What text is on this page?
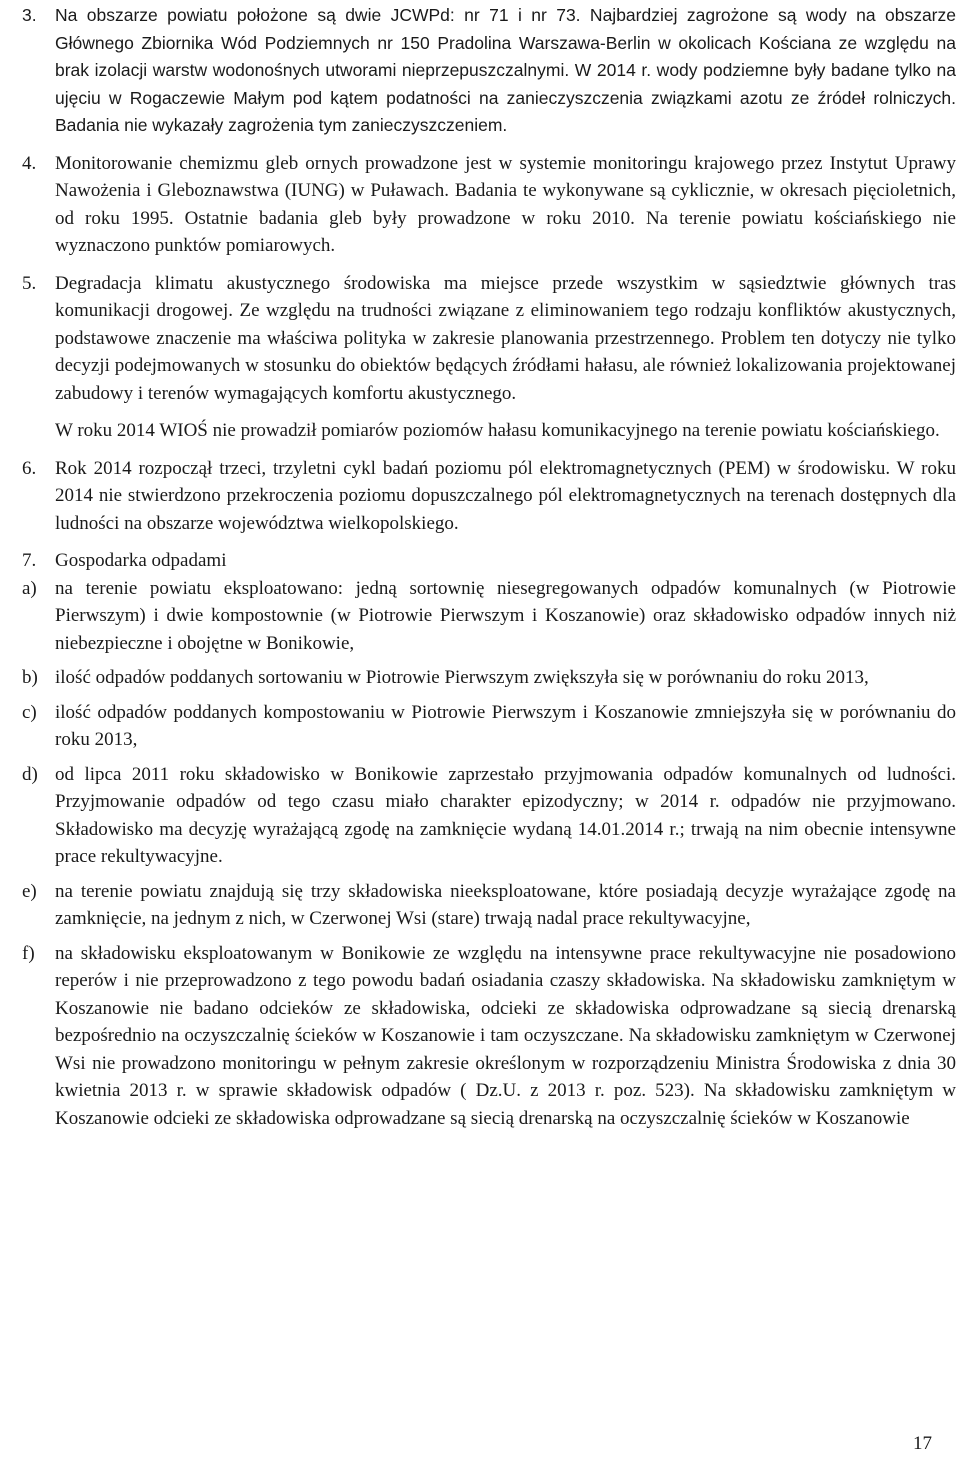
3.	Na obszarze powiatu położone są dwie JCWPd: nr 71 i nr 73. Najbardziej zagrożone są wody na obszarze Głównego Zbiornika Wód Podziemnych nr 150 Pradolina Warszawa-Berlin w okolicach Kościana ze względu na brak izolacji warstw wodonośnych utworami nieprzepuszczalnymi. W 2014 r. wody podziemne były badane tylko na ujęciu w Rogaczewie Małym pod kątem podatności na zanieczyszczenia związkami azotu ze źródeł rolniczych. Badania nie wykazały zagrożenia tym zanieczyszczeniem.
4. Monitorowanie chemizmu gleb ornych prowadzone jest w systemie monitoringu krajowego przez Instytut Uprawy Nawożenia i Gleboznawstwa (IUNG) w Puławach. Badania te wykonywane są cyklicznie, w okresach pięcioletnich, od roku 1995. Ostatnie badania gleb były prowadzone w roku 2010. Na terenie powiatu kościańskiego nie wyznaczono punktów pomiarowych.
5. Degradacja klimatu akustycznego środowiska ma miejsce przede wszystkim w sąsiedztwie głównych tras komunikacji drogowej. Ze względu na trudności związane z eliminowaniem tego rodzaju konfliktów akustycznych, podstawowe znaczenie ma właściwa polityka w zakresie planowania przestrzennego. Problem ten dotyczy nie tylko decyzji podejmowanych w stosunku do obiektów będących źródłami hałasu, ale również lokalizowania projektowanej zabudowy i terenów wymagających komfortu akustycznego.

W roku 2014 WIOŚ nie prowadził pomiarów poziomów hałasu komunikacyjnego na terenie powiatu kościańskiego.

6. Rok 2014 rozpoczął trzeci, trzyletni cykl badań poziomu pól elektromagnetycznych (PEM) w środowisku. W roku 2014 nie stwierdzono przekroczenia poziomu dopuszczalnego pól elektromagnetycznych na terenach dostępnych dla ludności na obszarze województwa wielkopolskiego.
7. Gospodarka odpadami
a) na terenie powiatu eksploatowano: jedną sortownię niesegregowanych odpadów komunalnych (w Piotrowie Pierwszym) i dwie kompostownie (w Piotrowie Pierwszym i Koszanowie) oraz składowisko odpadów innych niż niebezpieczne i obojętne w Bonikowie,
b) ilość odpadów poddanych sortowaniu w Piotrowie Pierwszym zwiększyła się w porównaniu do roku 2013,
c) ilość odpadów poddanych kompostowaniu w Piotrowie Pierwszym i Koszanowie zmniejszyła się w porównaniu do roku 2013,
d) od lipca 2011 roku składowisko w Bonikowie zaprzestało przyjmowania odpadów komunalnych od ludności. Przyjmowanie odpadów od tego czasu miało charakter epizodyczny; w 2014 r. odpadów nie przyjmowano. Składowisko ma decyzję wyrażającą zgodę na zamknięcie wydaną 14.01.2014 r.; trwają na nim obecnie intensywne prace rekultywacyjne.
e) na terenie powiatu znajdują się trzy składowiska nieeksploatowane, które posiadają decyzje wyrażające zgodę na zamknięcie, na jednym z nich, w Czerwonej Wsi (stare) trwają nadal prace rekultywacyjne,
f)	na składowisku eksploatowanym w Bonikowie ze względu na intensywne prace rekultywacyjne nie posadowiono reperów i nie przeprowadzono z tego powodu badań osiadania czaszy składowiska. Na składowisku zamkniętym w Koszanowie nie badano odcieków ze składowiska, odcieki ze składowiska odprowadzane są siecią drenarską bezpośrednio na oczyszczalnię ścieków w Koszanowie i tam oczyszczane. Na składowisku zamkniętym w Czerwonej Wsi nie prowadzono monitoringu w pełnym zakresie określonym w rozporządzeniu Ministra Środowiska z dnia 30 kwietnia 2013 r. w sprawie składowisk odpadów ( Dz.U. z 2013 r. poz. 523). Na składowisku zamkniętym w Koszanowie odcieki ze składowiska odprowadzane są siecią drenarską na oczyszczalnię ścieków w Koszanowie
17
